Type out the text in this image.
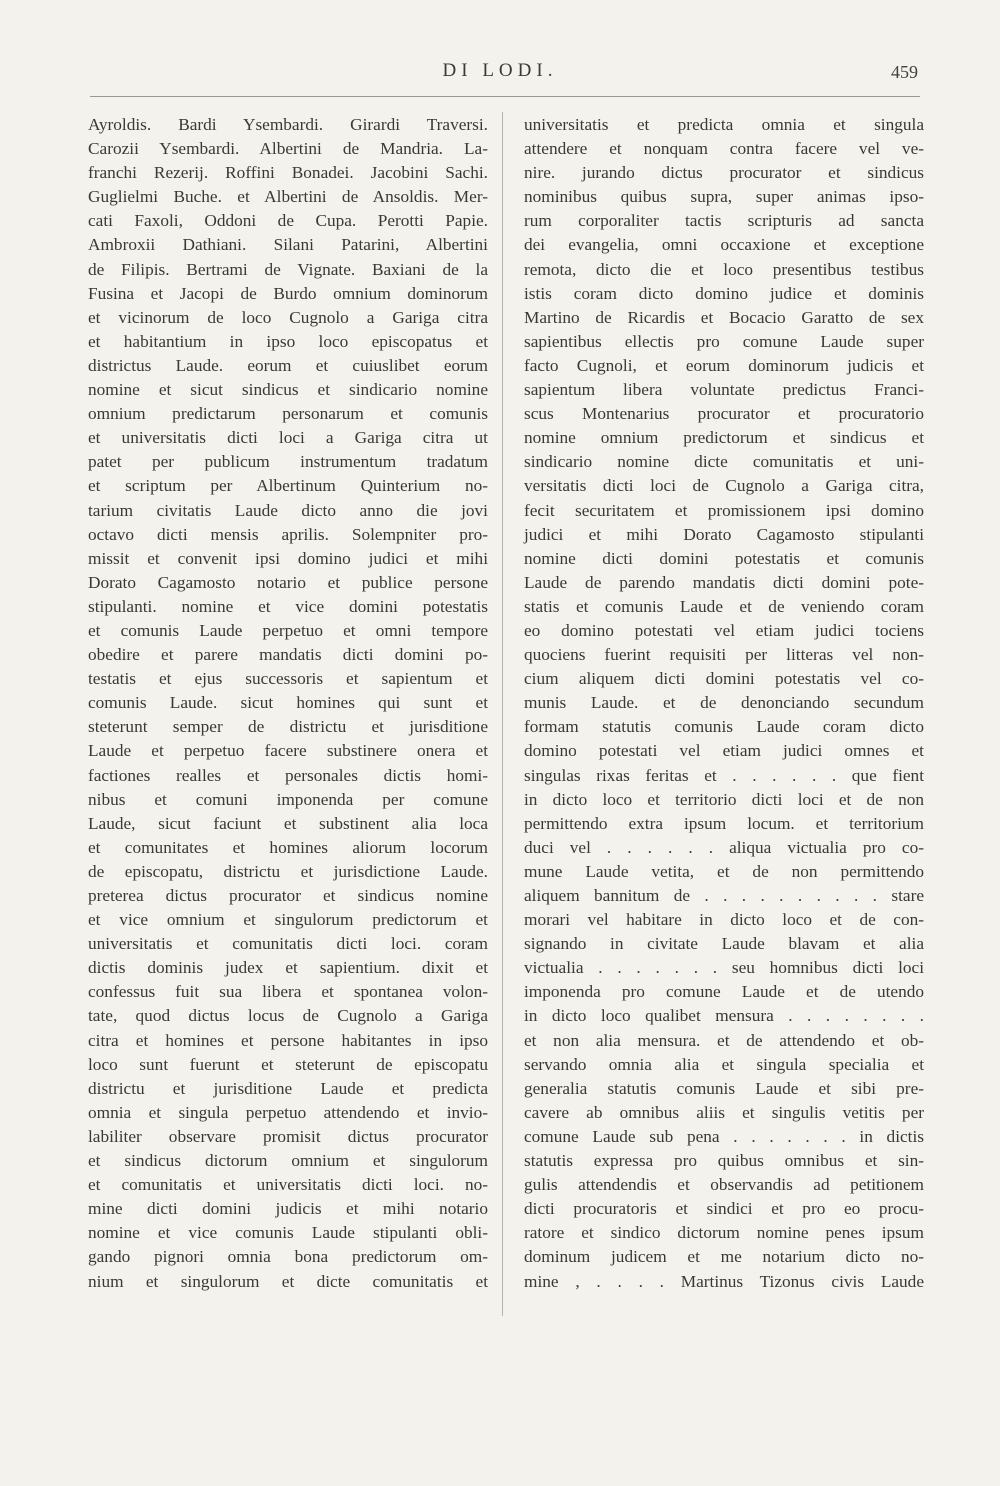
DI LODI.	459
Ayroldis. Bardi Ysembardi. Girardi Traversi.
Carozii Ysembardi. Albertini de Mandria. La-
franchi Rezerij. Roffini Bonadei. Jacobini Sachi.
Guglielmi Buche. et Albertini de Ansoldis. Mer-
cati Faxoli, Oddoni de Cupa. Perotti Papie.
Ambroxii Dathiani. Silani Patarini, Albertini
de Filipis. Bertrami de Vignate. Baxiani de la
Fusina et Jacopi de Burdo omnium dominorum
et vicinorum de loco Cugnolo a Gariga citra
et habitantium in ipso loco episcopatus et
districtus Laude. eorum et cuiuslibet eorum
nomine et sicut sindicus et sindicario nomine
omnium predictarum personarum et comunis
et universitatis dicti loci a Gariga citra ut
patet per publicum instrumentum tradatum
et scriptum per Albertinum Quinterium no-
tarium civitatis Laude dicto anno die jovi
octavo dicti mensis aprilis. Solempniter pro-
missit et convenit ipsi domino judici et mihi
Dorato Cagamosto notario et publice persone
stipulanti. nomine et vice domini potestatis
et comunis Laude perpetuo et omni tempore
obedire et parere mandatis dicti domini po-
testatis et ejus successoris et sapientum et
comunis Laude. sicut homines qui sunt et
steterunt semper de districtu et jurisditione
Laude et perpetuo facere substinere onera et
factiones realles et personales dictis homi-
nibus et comuni imponenda per comune
Laude, sicut faciunt et substinent alia loca
et comunitates et homines aliorum locorum
de episcopatu, districtu et jurisdictione Laude.
preterea dictus procurator et sindicus nomine
et vice omnium et singulorum predictorum et
universitatis et comunitatis dicti loci. coram
dictis dominis judex et sapientium. dixit et
confessus fuit sua libera et spontanea volon-
tate, quod dictus locus de Cugnolo a Gariga
citra et homines et persone habitantes in ipso
loco sunt fuerunt et steterunt de episcopatu
districtu et jurisditione Laude et predicta
omnia et singula perpetuo attendendo et invio-
labiliter observare promisit dictus procurator
et sindicus dictorum omnium et singulorum
et comunitatis et universitatis dicti loci. no-
mine dicti domini judicis et mihi notario
nomine et vice comunis Laude stipulanti obli-
gando pignori omnia bona predictorum om-
nium et singulorum et dicte comunitatis et
universitatis et predicta omnia et singula
attendere et nonquam contra facere vel ve-
nire. jurando dictus procurator et sindicus
nominibus quibus supra, super animas ipso-
rum corporaliter tactis scripturis ad sancta
dei evangelia, omni occaxione et exceptione
remota, dicto die et loco presentibus testibus
istis coram dicto domino judice et dominis
Martino de Ricardis et Bocacio Garatto de sex
sapientibus ellectis pro comune Laude super
facto Cugnoli, et eorum dominorum judicis et
sapientum libera voluntate predictus Franci-
scus Montenarius procurator et procuratorio
nomine omnium predictorum et sindicus et
sindicario nomine dicte comunitatis et uni-
versitatis dicti loci de Cugnolo a Gariga citra,
fecit securitatem et promissionem ipsi domino
judici et mihi Dorato Cagamosto stipulanti
nomine dicti domini potestatis et comunis
Laude de parendo mandatis dicti domini pote-
statis et comunis Laude et de veniendo coram
eo domino potestati vel etiam judici tociens
quociens fuerint requisiti per litteras vel non-
cium aliquem dicti domini potestatis vel co-
munis Laude. et de denonciando secundum
formam statutis comunis Laude coram dicto
domino potestati vel etiam judici omnes et
singulas rixas feritas et . . . . . . que fient
in dicto loco et territorio dicti loci et de non
permittendo extra ipsum locum. et territorium
duci vel . . . . . . aliqua victualia pro co-
mune Laude vetita, et de non permittendo
aliquem bannitum de . . . . . . . . . . stare
morari vel habitare in dicto loco et de con-
signando in civitate Laude blavam et alia
victualia . . . . . . . seu homnibus dicti loci
imponenda pro comune Laude et de utendo
in dicto loco qualibet mensura . . . . . . . .
et non alia mensura. et de attendendo et ob-
servando omnia alia et singula specialia et
generalia statutis comunis Laude et sibi pre-
cavere ab omnibus aliis et singulis vetitis per
comune Laude sub pena . . . . . . . in dictis
statutis expressa pro quibus omnibus et sin-
gulis attendendis et observandis ad petitionem
dicti procuratoris et sindici et pro eo procu-
ratore et sindico dictorum nomine penes ipsum
dominum judicem et me notarium dicto no-
mine , . . . . Martinus Tizonus civis Laude
